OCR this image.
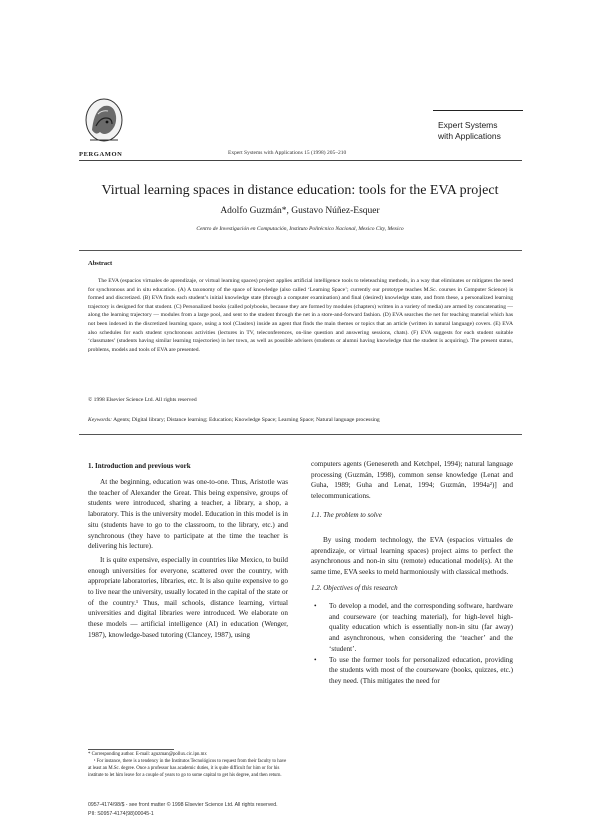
PERGAMON	Expert Systems with Applications 15 (1998) 205–210
Expert Systems
with Applications
Virtual learning spaces in distance education: tools for the EVA project
Adolfo Guzmán*, Gustavo Núñez-Esquer
Centro de Investigación en Computación, Instituto Politécnico Nacional, Mexico City, Mexico
Abstract
The EVA (espacios virtuales de aprendizaje, or virtual learning spaces) project applies artificial intelligence tools to teleteaching methods, in a way that eliminates or mitigates the need for synchronous and in situ education. (A) A taxonomy of the space of knowledge (also called ‘Learning Space’; currently our prototype teaches M.Sc. courses in Computer Science) is formed and discretized. (B) EVA finds each student’s initial knowledge state (through a computer examination) and final (desired) knowledge state, and from these, a personalized learning trajectory is designed for that student. (C) Personalized books (called polybooks, because they are formed by modules (chapters) written in a variety of media) are armed by concatenating — along the learning trajectory — modules from a large pool, and sent to the student through the net in a store-and-forward fashion. (D) EVA searches the net for teaching material which has not been indexed in the discretized learning space, using a tool (Clasitex) inside an agent that finds the main themes or topics that an article (written in natural language) covers. (E) EVA also schedules for each student synchronous activities (lectures in TV, teleconferences, on-line question and answering sessions, chats). (F) EVA suggests for each student suitable ‘classmates’ (students having similar learning trajectories) in her town, as well as possible advisers (students or alumni having knowledge that the student is acquiring). The present status, problems, models and tools of EVA are presented.
© 1998 Elsevier Science Ltd. All rights reserved
Keywords: Agents; Digital library; Distance learning; Education; Knowledge Space; Learning Space; Natural language processing
1. Introduction and previous work

At the beginning, education was one-to-one. Thus, Aristotle was the teacher of Alexander the Great. This being expensive, groups of students were introduced, sharing a teacher, a library, a shop, a laboratory. This is the university model. Education in this model is in situ (students have to go to the classroom, to the library, etc.) and synchronous (they have to participate at the time the teacher is delivering his lecture).

It is quite expensive, especially in countries like Mexico, to build enough universities for everyone, scattered over the country, with appropriate laboratories, libraries, etc. It is also quite expensive to go to live near the university, usually located in the capital of the state or of the country.¹ Thus, mail schools, distance learning, virtual universities and digital libraries were introduced. We elaborate on these models — artificial intelligence (AI) in education (Wenger, 1987), knowledge-based tutoring (Clancey, 1987), using

* Corresponding author. E-mail: aguzman@pollux.cic.ipn.mx
¹ For instance, there is a tendency in the Institutos Tecnológicos to request from their faculty to have at least an M.Sc. degree. Once a professor has academic duties, it is quite difficult for him or for his institute to let him leave for a couple of years to go to some capital to get his degree, and then return.
0957-4174/98/$ - see front matter © 1998 Elsevier Science Ltd. All rights reserved.
PII: S0957-4174(98)00045-1

computers agents (Genesereth and Ketchpel, 1994); natural language processing (Guzmán, 1998), common sense knowledge (Lenat and Guha, 1989; Guha and Lenat, 1994; Guzmán, 1994a²)] and telecommunications.

1.1. The problem to solve

By using modern technology, the EVA (espacios virtuales de aprendizaje, or virtual learning spaces) project aims to perfect the asynchronous and non-in situ (remote) educational model(s). At the same time, EVA seeks to meld harmoniously with classical methods.

1.2. Objectives of this research
• To develop a model, and the corresponding software, hardware and courseware (or teaching material), for high-level high-quality education which is essentially non-in situ (far away) and asynchronous, when considering the ‘teacher’ and the ‘student’.
• To use the former tools for personalized education, providing the students with most of the courseware (books, quizzes, etc.) they need. (This mitigates the need for
